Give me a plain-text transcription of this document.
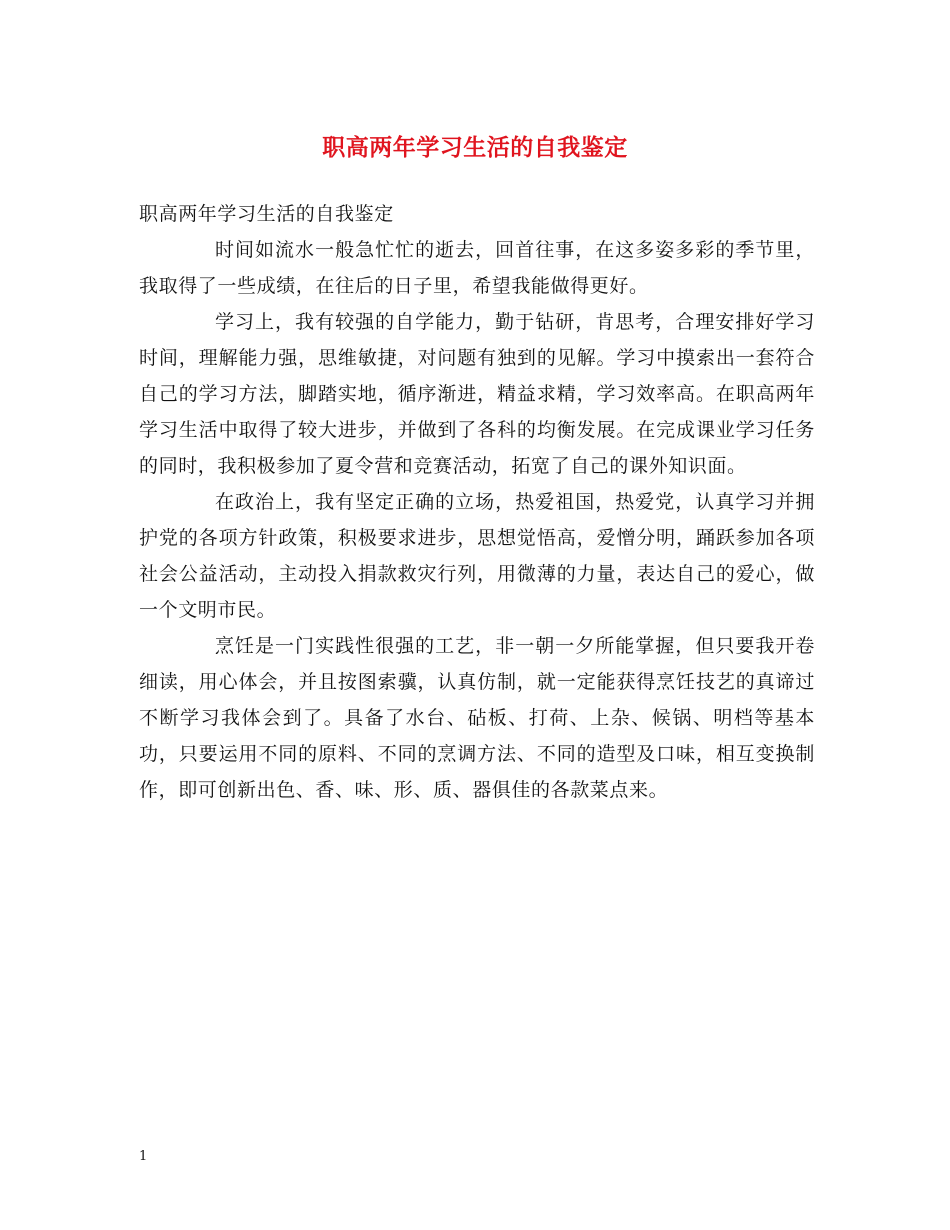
职高两年学习生活的自我鉴定

职高两年学习生活的自我鉴定

时间如流水一般急忙忙的逝去，回首往事，在这多姿多彩的季节里，我取得了一些成绩，在往后的日子里，希望我能做得更好。

学习上，我有较强的自学能力，勤于钻研，肯思考，合理安排好学习时间，理解能力强，思维敏捷，对问题有独到的见解。学习中摸索出一套符合自己的学习方法，脚踏实地，循序渐进，精益求精，学习效率高。在职高两年学习生活中取得了较大进步，并做到了各科的均衡发展。在完成课业学习任务的同时，我积极参加了夏令营和竞赛活动，拓宽了自己的课外知识面。

在政治上，我有坚定正确的立场，热爱祖国，热爱党，认真学习并拥护党的各项方针政策，积极要求进步，思想觉悟高，爱憎分明，踊跃参加各项社会公益活动，主动投入捐款救灾行列，用微薄的力量，表达自己的爱心，做一个文明市民。

烹饪是一门实践性很强的工艺，非一朝一夕所能掌握，但只要我开卷细读，用心体会，并且按图索骥，认真仿制，就一定能获得烹饪技艺的真谛过不断学习我体会到了。具备了水台、砧板、打荷、上杂、候锅、明档等基本功，只要运用不同的原料、不同的烹调方法、不同的造型及口味，相互变换制作，即可创新出色、香、味、形、质、器俱佳的各款菜点来。

1
